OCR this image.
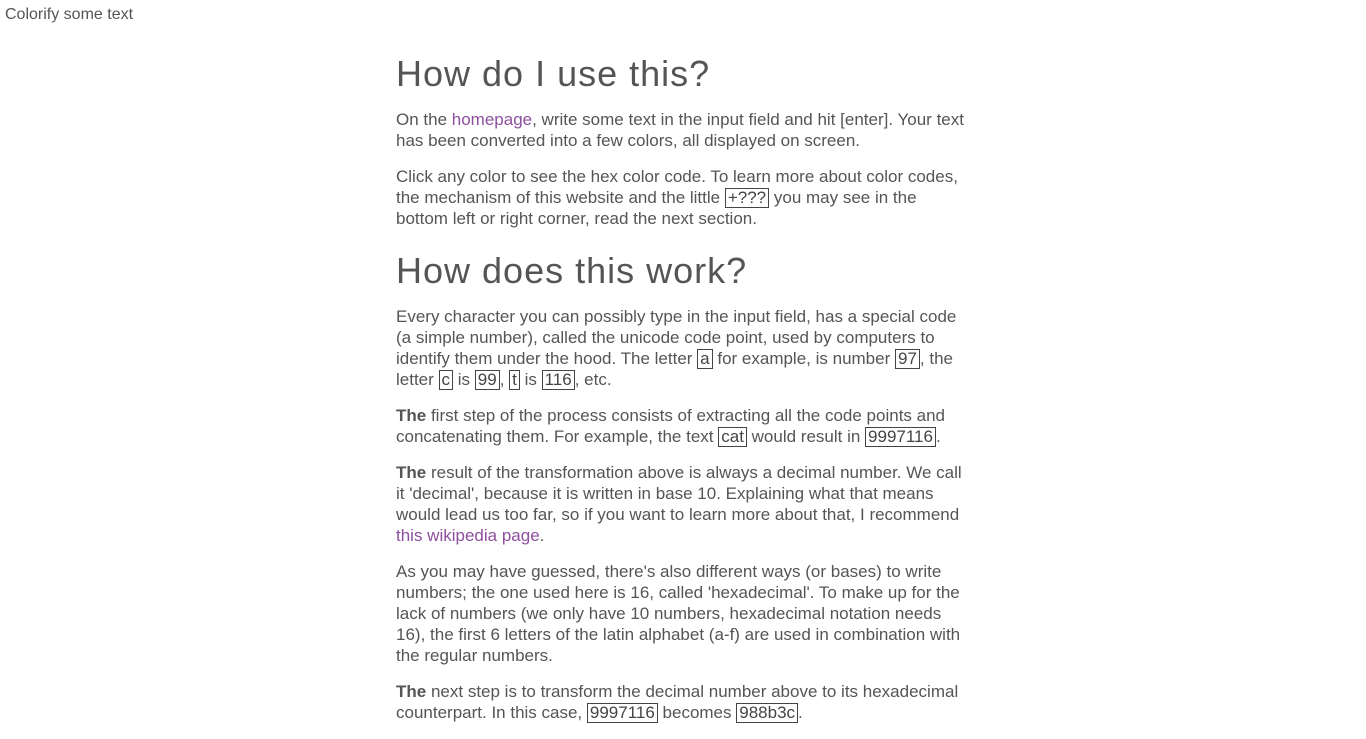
Colorify some text
How do I use this?

On the homepage, write some text in the input field and hit [enter]. Your text has been converted into a few colors, all displayed on screen.

Click any color to see the hex color code. To learn more about color codes, the mechanism of this website and the little +??? you may see in the bottom left or right corner, read the next section.

How does this work?

Every character you can possibly type in the input field, has a special code (a simple number), called the unicode code point, used by computers to identify them under the hood. The letter a for example, is number 97 , the letter c is 99 , t is 116 , etc.

The first step of the process consists of extracting all the code points and concatenating them. For example, the text cat would result in 9997116 .

The result of the transformation above is always a decimal number. We call it 'decimal', because it is written in base 10. Explaining what that means would lead us too far, so if you want to learn more about that, I recommend this wikipedia page.

As you may have guessed, there's also different ways (or bases) to write numbers; the one used here is 16, called 'hexadecimal'. To make up for the lack of numbers (we only have 10 numbers, hexadecimal notation needs 16), the first 6 letters of the latin alphabet (a-f) are used in combination with the regular numbers.

The next step is to transform the decimal number above to its hexadecimal counterpart. In this case, 9997116 becomes 988b3c .
